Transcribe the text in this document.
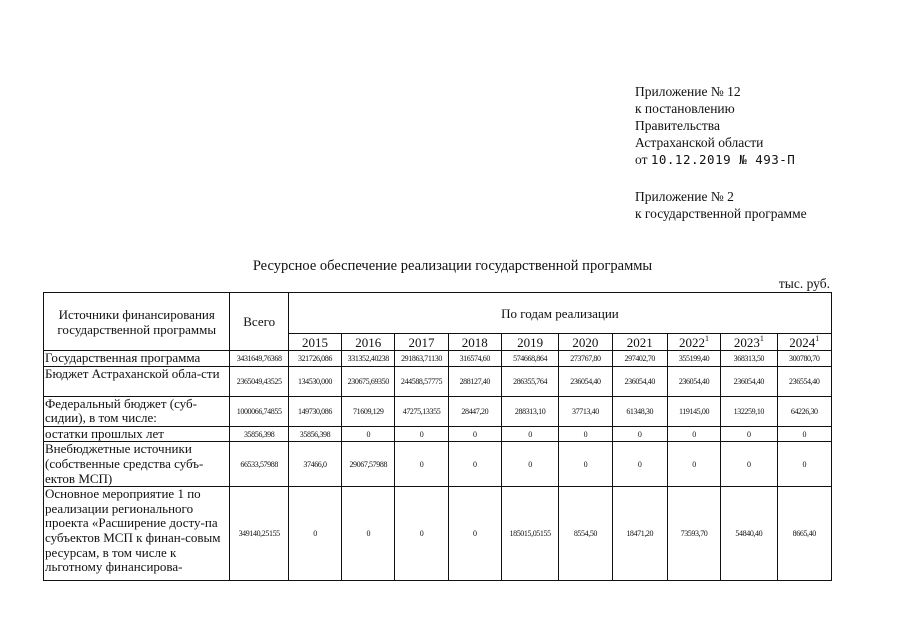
Приложение № 12
к постановлению
Правительства
Астраханской области
от 10.12.2019 № 493-П
Приложение № 2
к государственной программе
Ресурсное обеспечение реализации государственной программы
тыс. руб.
Источники финансирования государственной программы	Всего	По годам реализации									
		2015	2016	2017	2018	2019	2020	2021	2022$^1$	2023$^1$	2024$^1$
Государственная программа	3431649,76368	321726,086	331352,40238	291863,71130	316574,60	574668,864	273767,80	297402,70	355199,40	368313,50	300780,70
Бюджет Астраханской обла-сти	2365049,43525	134530,000	230675,69350	244588,57775	288127,40	286355,764	236054,40	236054,40	236054,40	236054,40	236554,40
Федеральный бюджет (суб-сидии), в том числе:	1000066,74855	149730,086	71609,129	47275,13355	28447,20	288313,10	37713,40	61348,30	119145,00	132259,10	64226,30
остатки прошлых лет	35856,398	35856,398	0	0	0	0	0	0	0	0	0
Внебюджетные источники (собственные средства субъ-ектов МСП)	66533,57988	37466,0	29067,57988	0	0	0	0	0	0	0	0
Основное мероприятие 1 по реализации регионального проекта «Расширение досту-па субъектов МСП к финан-совым ресурсам, в том числе к льготному финансирова-	349140,25155	0	0	0	0	185015,05155	8554,50	18471,20	73593,70	54840,40	8665,40
